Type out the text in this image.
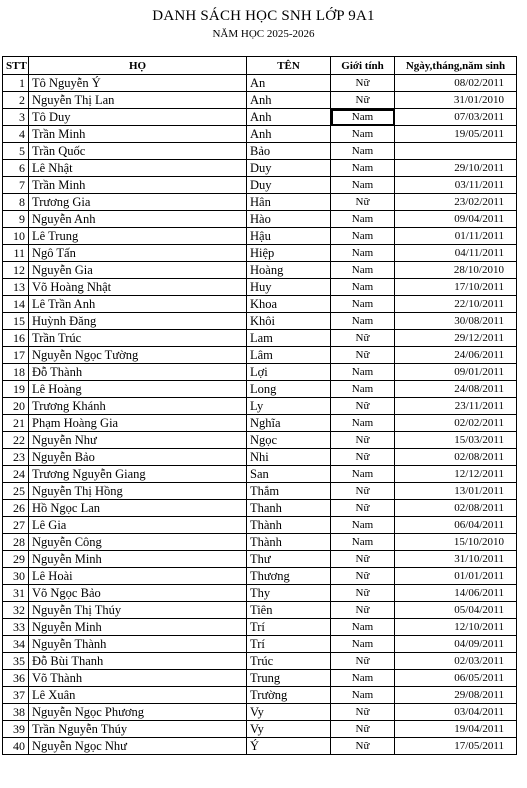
DANH SÁCH HỌC SNH LỚP 9A1
NĂM HỌC 2025-2026
STT	HỌ	TÊN	Giới tính	Ngày,tháng,năm sinh
1	Tô Nguyễn Ý	An	Nữ	08/02/2011
2	Nguyễn Thị Lan	Anh	Nữ	31/01/2010
3	Tô Duy	Anh	Nam	07/03/2011
4	Trần Minh	Anh	Nam	19/05/2011
5	Trần Quốc	Bảo	Nam	
6	Lê Nhật	Duy	Nam	29/10/2011
7	Trần Minh	Duy	Nam	03/11/2011
8	Trương Gia	Hân	Nữ	23/02/2011
9	Nguyễn Anh	Hào	Nam	09/04/2011
10	Lê Trung	Hậu	Nam	01/11/2011
11	Ngô Tấn	Hiệp	Nam	04/11/2011
12	Nguyễn Gia	Hoàng	Nam	28/10/2010
13	Võ Hoàng Nhật	Huy	Nam	17/10/2011
14	Lê Trần Anh	Khoa	Nam	22/10/2011
15	Huỳnh Đăng	Khôi	Nam	30/08/2011
16	Trần Trúc	Lam	Nữ	29/12/2011
17	Nguyễn Ngọc Tường	Lâm	Nữ	24/06/2011
18	Đỗ Thành	Lợi	Nam	09/01/2011
19	Lê Hoàng	Long	Nam	24/08/2011
20	Trương Khánh	Ly	Nữ	23/11/2011
21	Phạm Hoàng Gia	Nghĩa	Nam	02/02/2011
22	Nguyễn Như	Ngọc	Nữ	15/03/2011
23	Nguyễn Bảo	Nhi	Nữ	02/08/2011
24	Trương Nguyễn Giang	San	Nam	12/12/2011
25	Nguyễn Thị Hồng	Thắm	Nữ	13/01/2011
26	Hồ Ngọc Lan	Thanh	Nữ	02/08/2011
27	Lê Gia	Thành	Nam	06/04/2011
28	Nguyễn Công	Thành	Nam	15/10/2010
29	Nguyễn Minh	Thư	Nữ	31/10/2011
30	Lê Hoài	Thương	Nữ	01/01/2011
31	Võ Ngọc Bảo	Thy	Nữ	14/06/2011
32	Nguyễn Thị Thúy	Tiên	Nữ	05/04/2011
33	Nguyễn Minh	Trí	Nam	12/10/2011
34	Nguyễn Thành	Trí	Nam	04/09/2011
35	Đỗ Bùi Thanh	Trúc	Nữ	02/03/2011
36	Võ Thành	Trung	Nam	06/05/2011
37	Lê Xuân	Trường	Nam	29/08/2011
38	Nguyễn Ngọc Phương	Vy	Nữ	03/04/2011
39	Trần Nguyễn Thúy	Vy	Nữ	19/04/2011
40	Nguyễn Ngọc Như	Ý	Nữ	17/05/2011
